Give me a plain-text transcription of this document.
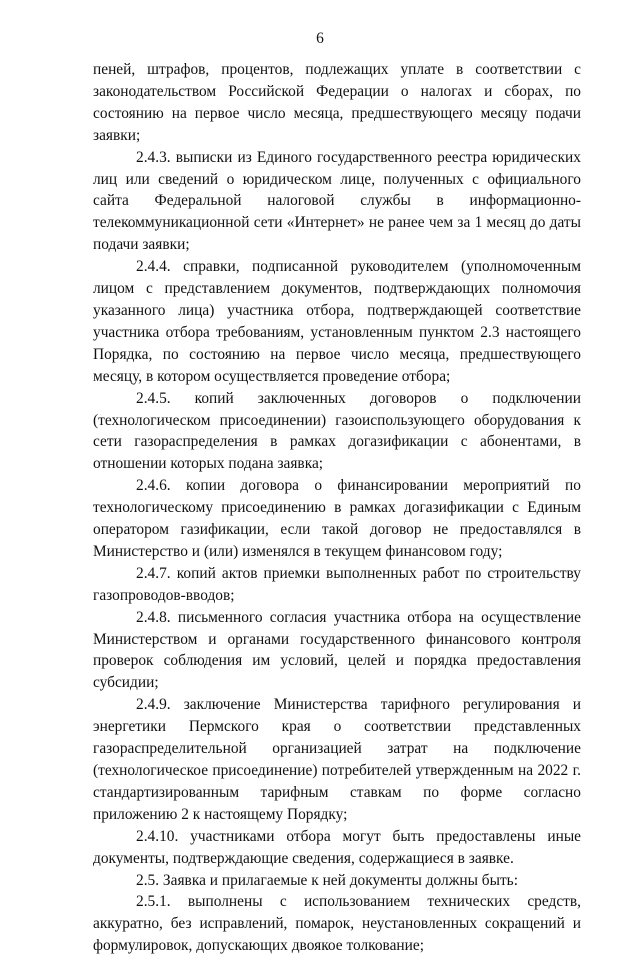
6

пеней, штрафов, процентов, подлежащих уплате в соответствии с законодательством Российской Федерации о налогах и сборах, по состоянию на первое число месяца, предшествующего месяцу подачи заявки;

2.4.3. выписки из Единого государственного реестра юридических лиц или сведений о юридическом лице, полученных с официального сайта Федеральной налоговой службы в информационно-телекоммуникационной сети «Интернет» не ранее чем за 1 месяц до даты подачи заявки;

2.4.4. справки, подписанной руководителем (уполномоченным лицом с представлением документов, подтверждающих полномочия указанного лица) участника отбора, подтверждающей соответствие участника отбора требованиям, установленным пунктом 2.3 настоящего Порядка, по состоянию на первое число месяца, предшествующего месяцу, в котором осуществляется проведение отбора;

2.4.5. копий заключенных договоров о подключении (технологическом присоединении) газоиспользующего оборудования к сети газораспределения в рамках догазификации с абонентами, в отношении которых подана заявка;

2.4.6. копии договора о финансировании мероприятий по технологическому присоединению в рамках догазификации с Единым оператором газификации, если такой договор не предоставлялся в Министерство и (или) изменялся в текущем финансовом году;

2.4.7. копий актов приемки выполненных работ по строительству газопроводов-вводов;

2.4.8. письменного согласия участника отбора на осуществление Министерством и органами государственного финансового контроля проверок соблюдения им условий, целей и порядка предоставления субсидии;

2.4.9. заключение Министерства тарифного регулирования и энергетики Пермского края о соответствии представленных газораспределительной организацией затрат на подключение (технологическое присоединение) потребителей утвержденным на 2022 г. стандартизированным тарифным ставкам по форме согласно приложению 2 к настоящему Порядку;

2.4.10. участниками отбора могут быть предоставлены иные документы, подтверждающие сведения, содержащиеся в заявке.

2.5. Заявка и прилагаемые к ней документы должны быть:

2.5.1. выполнены с использованием технических средств, аккуратно, без исправлений, помарок, неустановленных сокращений и формулировок, допускающих двоякое толкование;
